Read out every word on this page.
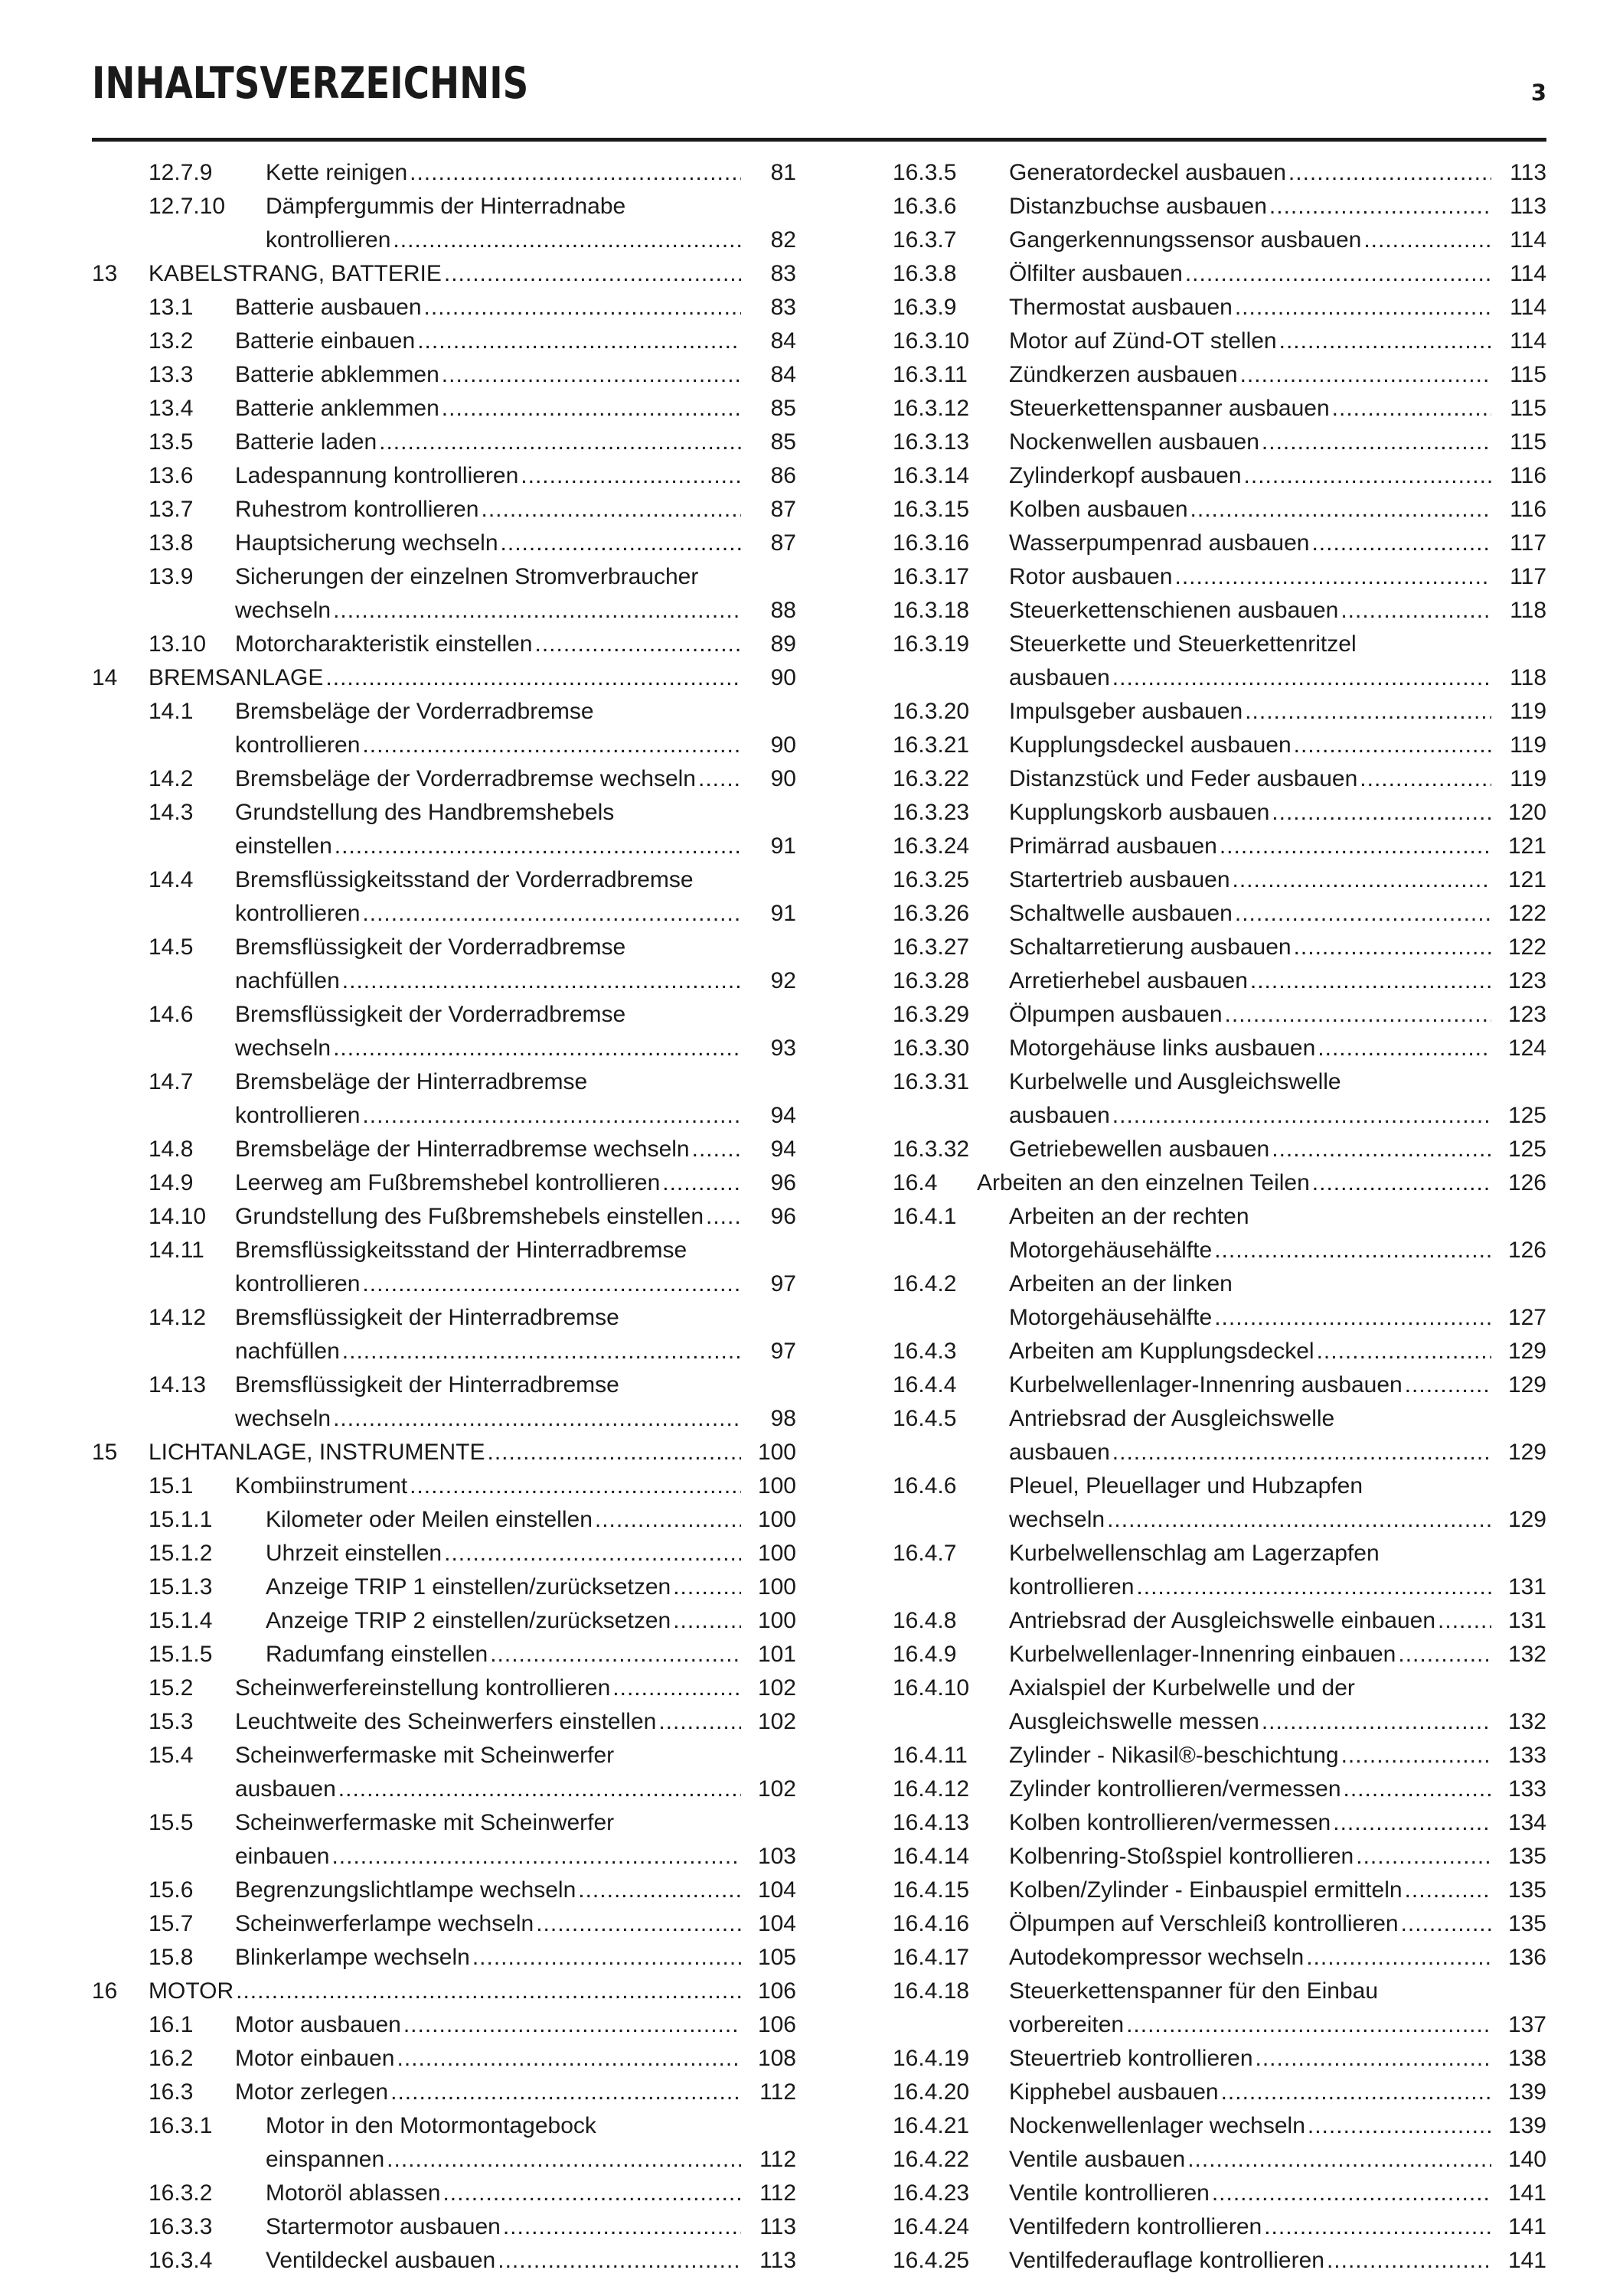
INHALTSVERZEICHNIS	3
12.7.9	Kette reinigen .....	81
12.7.10	Dämpfergummis der Hinterradnabe
kontrollieren .....	82
13	KABELSTRANG, BATTERIE .....	83
13.1	Batterie ausbauen .....	83
13.2	Batterie einbauen .....	84
13.3	Batterie abklemmen .....	84
13.4	Batterie anklemmen .....	85
13.5	Batterie laden .....	85
13.6	Ladespannung kontrollieren .....	86
13.7	Ruhestrom kontrollieren .....	87
13.8	Hauptsicherung wechseln .....	87
13.9	Sicherungen der einzelnen Stromverbraucher
wechseln .....	88
13.10	Motorcharakteristik einstellen .....	89
14	BREMSANLAGE .....	90
14.1	Bremsbeläge der Vorderradbremse
kontrollieren .....	90
14.2	Bremsbeläge der Vorderradbremse wechseln .....	90
14.3	Grundstellung des Handbremshebels
einstellen .....	91
14.4	Bremsflüssigkeitsstand der Vorderradbremse
kontrollieren .....	91
14.5	Bremsflüssigkeit der Vorderradbremse
nachfüllen .....	92
14.6	Bremsflüssigkeit der Vorderradbremse
wechseln .....	93
14.7	Bremsbeläge der Hinterradbremse
kontrollieren .....	94
14.8	Bremsbeläge der Hinterradbremse wechseln .....	94
14.9	Leerweg am Fußbremshebel kontrollieren .....	96
14.10	Grundstellung des Fußbremshebels einstellen .....	96
14.11	Bremsflüssigkeitsstand der Hinterradbremse
kontrollieren .....	97
14.12	Bremsflüssigkeit der Hinterradbremse
nachfüllen .....	97
14.13	Bremsflüssigkeit der Hinterradbremse
wechseln .....	98
15	LICHTANLAGE, INSTRUMENTE .....	100
15.1	Kombiinstrument .....	100
15.1.1	Kilometer oder Meilen einstellen .....	100
15.1.2	Uhrzeit einstellen .....	100
15.1.3	Anzeige TRIP 1 einstellen/zurücksetzen .....	100
15.1.4	Anzeige TRIP 2 einstellen/zurücksetzen .....	100
15.1.5	Radumfang einstellen .....	101
15.2	Scheinwerfereinstellung kontrollieren .....	102
15.3	Leuchtweite des Scheinwerfers einstellen .....	102
15.4	Scheinwerfermaske mit Scheinwerfer
ausbauen .....	102
15.5	Scheinwerfermaske mit Scheinwerfer
einbauen .....	103
15.6	Begrenzungslichtlampe wechseln .....	104
15.7	Scheinwerferlampe wechseln .....	104
15.8	Blinkerlampe wechseln .....	105
16	MOTOR .....	106
16.1	Motor ausbauen .....	106
16.2	Motor einbauen .....	108
16.3	Motor zerlegen .....	112
16.3.1	Motor in den Motormontagebock
einspannen .....	112
16.3.2	Motoröl ablassen .....	112
16.3.3	Startermotor ausbauen .....	113
16.3.4	Ventildeckel ausbauen .....	113
16.3.5	Generatordeckel ausbauen .....	113
16.3.6	Distanzbuchse ausbauen .....	113
16.3.7	Gangerkennungssensor ausbauen .....	114
16.3.8	Ölfilter ausbauen .....	114
16.3.9	Thermostat ausbauen .....	114
16.3.10	Motor auf Zünd-OT stellen .....	114
16.3.11	Zündkerzen ausbauen .....	115
16.3.12	Steuerkettenspanner ausbauen .....	115
16.3.13	Nockenwellen ausbauen .....	115
16.3.14	Zylinderkopf ausbauen .....	116
16.3.15	Kolben ausbauen .....	116
16.3.16	Wasserpumpenrad ausbauen .....	117
16.3.17	Rotor ausbauen .....	117
16.3.18	Steuerkettenschienen ausbauen .....	118
16.3.19	Steuerkette und Steuerkettenritzel
ausbauen .....	118
16.3.20	Impulsgeber ausbauen .....	119
16.3.21	Kupplungsdeckel ausbauen .....	119
16.3.22	Distanzstück und Feder ausbauen .....	119
16.3.23	Kupplungskorb ausbauen .....	120
16.3.24	Primärrad ausbauen .....	121
16.3.25	Startertrieb ausbauen .....	121
16.3.26	Schaltwelle ausbauen .....	122
16.3.27	Schaltarretierung ausbauen .....	122
16.3.28	Arretierhebel ausbauen .....	123
16.3.29	Ölpumpen ausbauen .....	123
16.3.30	Motorgehäuse links ausbauen .....	124
16.3.31	Kurbelwelle und Ausgleichswelle
ausbauen .....	125
16.3.32	Getriebewellen ausbauen .....	125
16.4	Arbeiten an den einzelnen Teilen .....	126
16.4.1	Arbeiten an der rechten
Motorgehäusehälfte .....	126
16.4.2	Arbeiten an der linken
Motorgehäusehälfte .....	127
16.4.3	Arbeiten am Kupplungsdeckel .....	129
16.4.4	Kurbelwellenlager-Innenring ausbauen .....	129
16.4.5	Antriebsrad der Ausgleichswelle
ausbauen .....	129
16.4.6	Pleuel, Pleuellager und Hubzapfen
wechseln .....	129
16.4.7	Kurbelwellenschlag am Lagerzapfen
kontrollieren .....	131
16.4.8	Antriebsrad der Ausgleichswelle einbauen .....	131
16.4.9	Kurbelwellenlager-Innenring einbauen .....	132
16.4.10	Axialspiel der Kurbelwelle und der
Ausgleichswelle messen .....	132
16.4.11	Zylinder - Nikasil®-beschichtung .....	133
16.4.12	Zylinder kontrollieren/vermessen .....	133
16.4.13	Kolben kontrollieren/vermessen .....	134
16.4.14	Kolbenring-Stoßspiel kontrollieren .....	135
16.4.15	Kolben/Zylinder - Einbauspiel ermitteln .....	135
16.4.16	Ölpumpen auf Verschleiß kontrollieren .....	135
16.4.17	Autodekompressor wechseln .....	136
16.4.18	Steuerkettenspanner für den Einbau
vorbereiten .....	137
16.4.19	Steuertrieb kontrollieren .....	138
16.4.20	Kipphebel ausbauen .....	139
16.4.21	Nockenwellenlager wechseln .....	139
16.4.22	Ventile ausbauen .....	140
16.4.23	Ventile kontrollieren .....	141
16.4.24	Ventilfedern kontrollieren .....	141
16.4.25	Ventilfederauflage kontrollieren .....	141
